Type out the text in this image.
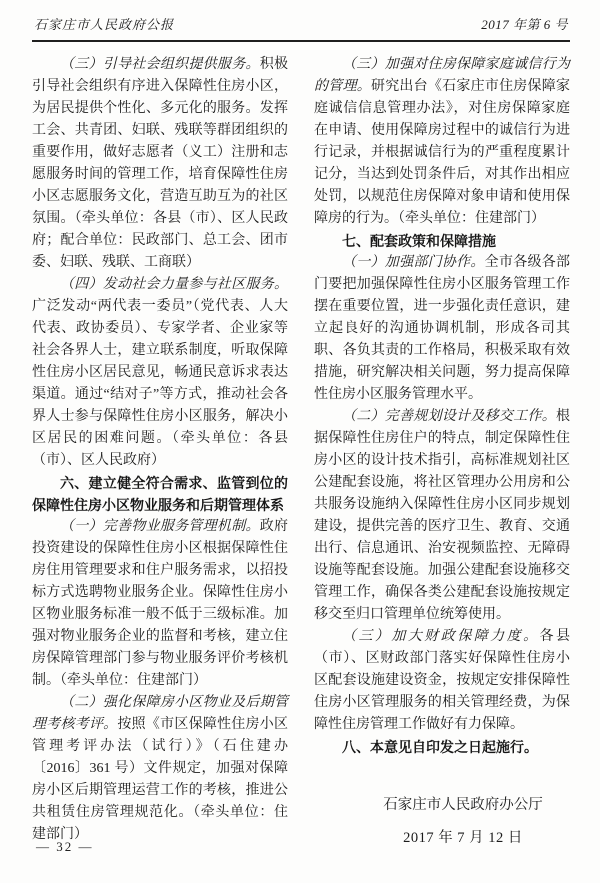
石家庄市人民政府公报	2017 年第 6 号

（三）引导社会组织提供服务。积极引导社会组织有序进入保障性住房小区，为居民提供个性化、多元化的服务。发挥工会、共青团、妇联、残联等群团组织的重要作用，做好志愿者（义工）注册和志愿服务时间的管理工作，培育保障性住房小区志愿服务文化，营造互助互为的社区氛围。（牵头单位：各县（市）、区人民政府；配合单位：民政部门、总工会、团市委、妇联、残联、工商联）

（四）发动社会力量参与社区服务。广泛发动“两代表一委员”（党代表、人大代表、政协委员）、专家学者、企业家等社会各界人士，建立联系制度，听取保障性住房小区居民意见，畅通民意诉求表达渠道。通过“结对子”等方式，推动社会各界人士参与保障性住房小区服务，解决小区居民的困难问题。（牵头单位：各县（市）、区人民政府）

六、建立健全符合需求、监管到位的保障性住房小区物业服务和后期管理体系

（一）完善物业服务管理机制。政府投资建设的保障性住房小区根据保障性住房住用管理要求和住户服务需求，以招投标方式选聘物业服务企业。保障性住房小区物业服务标准一般不低于三级标准。加强对物业服务企业的监督和考核，建立住房保障管理部门参与物业服务评价考核机制。（牵头单位：住建部门）

（二）强化保障房小区物业及后期管理考核考评。按照《市区保障性住房小区管理考评办法（试行）》（石住建办〔2016〕361 号）文件规定，加强对保障房小区后期管理运营工作的考核，推进公共租赁住房管理规范化。（牵头单位：住建部门）

（三）加强对住房保障家庭诚信行为的管理。研究出台《石家庄市住房保障家庭诚信信息管理办法》，对住房保障家庭在申请、使用保障房过程中的诚信行为进行记录，并根据诚信行为的严重程度累计记分，当达到处罚条件后，对其作出相应处罚，以规范住房保障对象申请和使用保障房的行为。（牵头单位：住建部门）

七、配套政策和保障措施

（一）加强部门协作。全市各级各部门要把加强保障性住房小区服务管理工作摆在重要位置，进一步强化责任意识，建立起良好的沟通协调机制，形成各司其职、各负其责的工作格局，积极采取有效措施，研究解决相关问题，努力提高保障性住房小区服务管理水平。

（二）完善规划设计及移交工作。根据保障性住房住户的特点，制定保障性住房小区的设计技术指引，高标准规划社区公建配套设施，将社区管理办公用房和公共服务设施纳入保障性住房小区同步规划建设，提供完善的医疗卫生、教育、交通出行、信息通讯、治安视频监控、无障碍设施等配套设施。加强公建配套设施移交管理工作，确保各类公建配套设施按规定移交至归口管理单位统筹使用。

（三）加大财政保障力度。各县（市）、区财政部门落实好保障性住房小区配套设施建设资金，按规定安排保障性住房小区管理服务的相关管理经费，为保障性住房管理工作做好有力保障。

八、本意见自印发之日起施行。

石家庄市人民政府办公厅
2017 年 7 月 12 日
— 32 —
